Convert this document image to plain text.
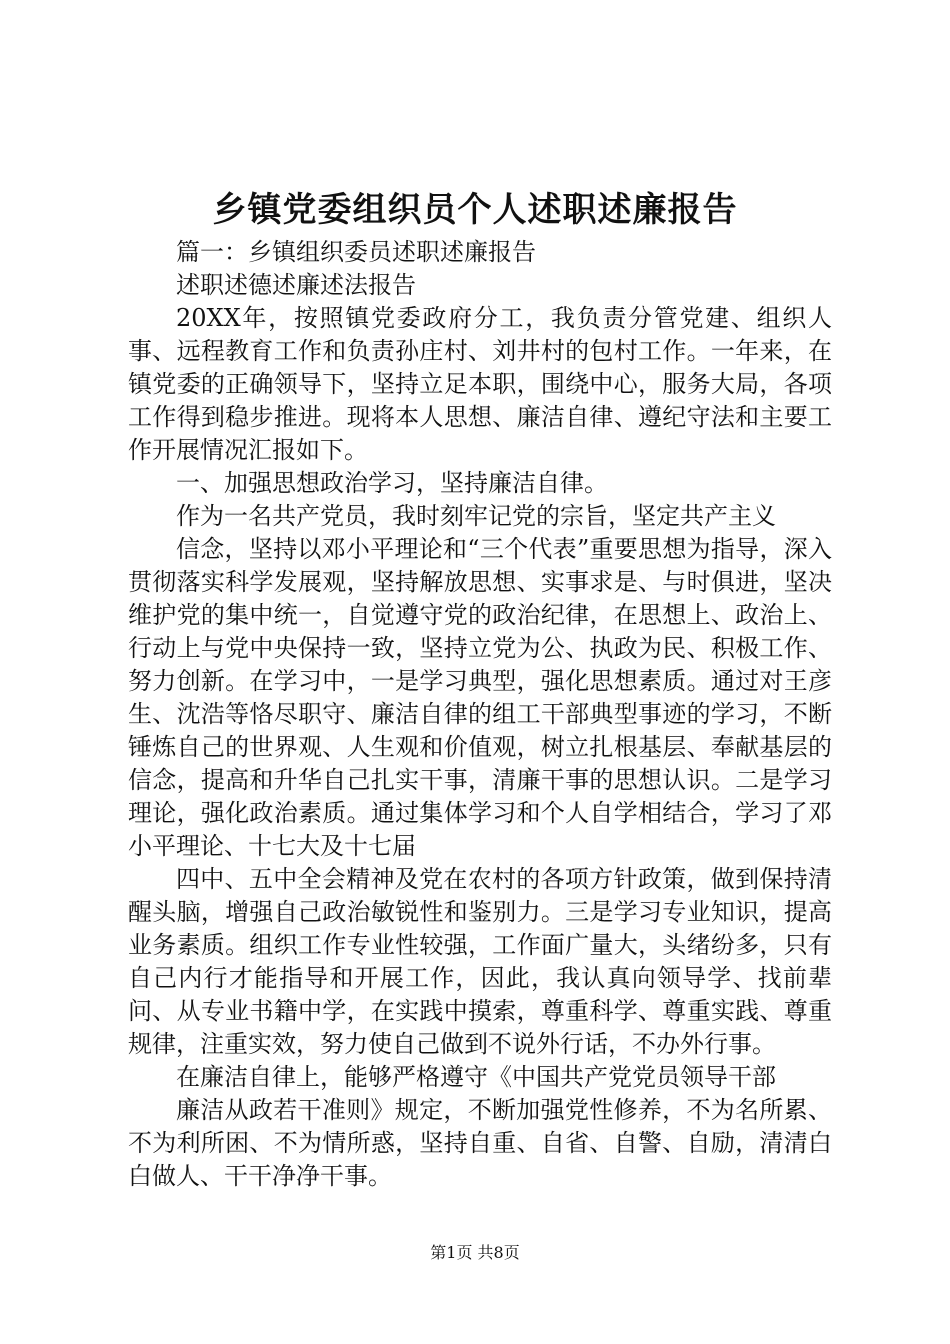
乡镇党委组织员个人述职述廉报告

篇一：乡镇组织委员述职述廉报告

述职述德述廉述法报告

20XX年，按照镇党委政府分工，我负责分管党建、组织人事、远程教育工作和负责孙庄村、刘井村的包村工作。一年来，在镇党委的正确领导下，坚持立足本职，围绕中心，服务大局，各项工作得到稳步推进。现将本人思想、廉洁自律、遵纪守法和主要工作开展情况汇报如下。

一、加强思想政治学习，坚持廉洁自律。

作为一名共产党员，我时刻牢记党的宗旨，坚定共产主义

信念，坚持以邓小平理论和“三个代表”重要思想为指导，深入贯彻落实科学发展观，坚持解放思想、实事求是、与时俱进，坚决维护党的集中统一，自觉遵守党的政治纪律，在思想上、政治上、行动上与党中央保持一致，坚持立党为公、执政为民、积极工作、努力创新。在学习中，一是学习典型，强化思想素质。通过对王彦生、沈浩等恪尽职守、廉洁自律的组工干部典型事迹的学习，不断锤炼自己的世界观、人生观和价值观，树立扎根基层、奉献基层的信念，提高和升华自己扎实干事，清廉干事的思想认识。二是学习理论，强化政治素质。通过集体学习和个人自学相结合，学习了邓小平理论、十七大及十七届

四中、五中全会精神及党在农村的各项方针政策，做到保持清醒头脑，增强自己政治敏锐性和鉴别力。三是学习专业知识，提高业务素质。组织工作专业性较强，工作面广量大，头绪纷多，只有自己内行才能指导和开展工作，因此，我认真向领导学、找前辈问、从专业书籍中学，在实践中摸索，尊重科学、尊重实践、尊重规律，注重实效，努力使自己做到不说外行话，不办外行事。

在廉洁自律上，能够严格遵守《中国共产党党员领导干部

廉洁从政若干准则》规定，不断加强党性修养，不为名所累、不为利所困、不为情所惑，坚持自重、自省、自警、自励，清清白白做人、干干净净干事。

第1页 共8页
